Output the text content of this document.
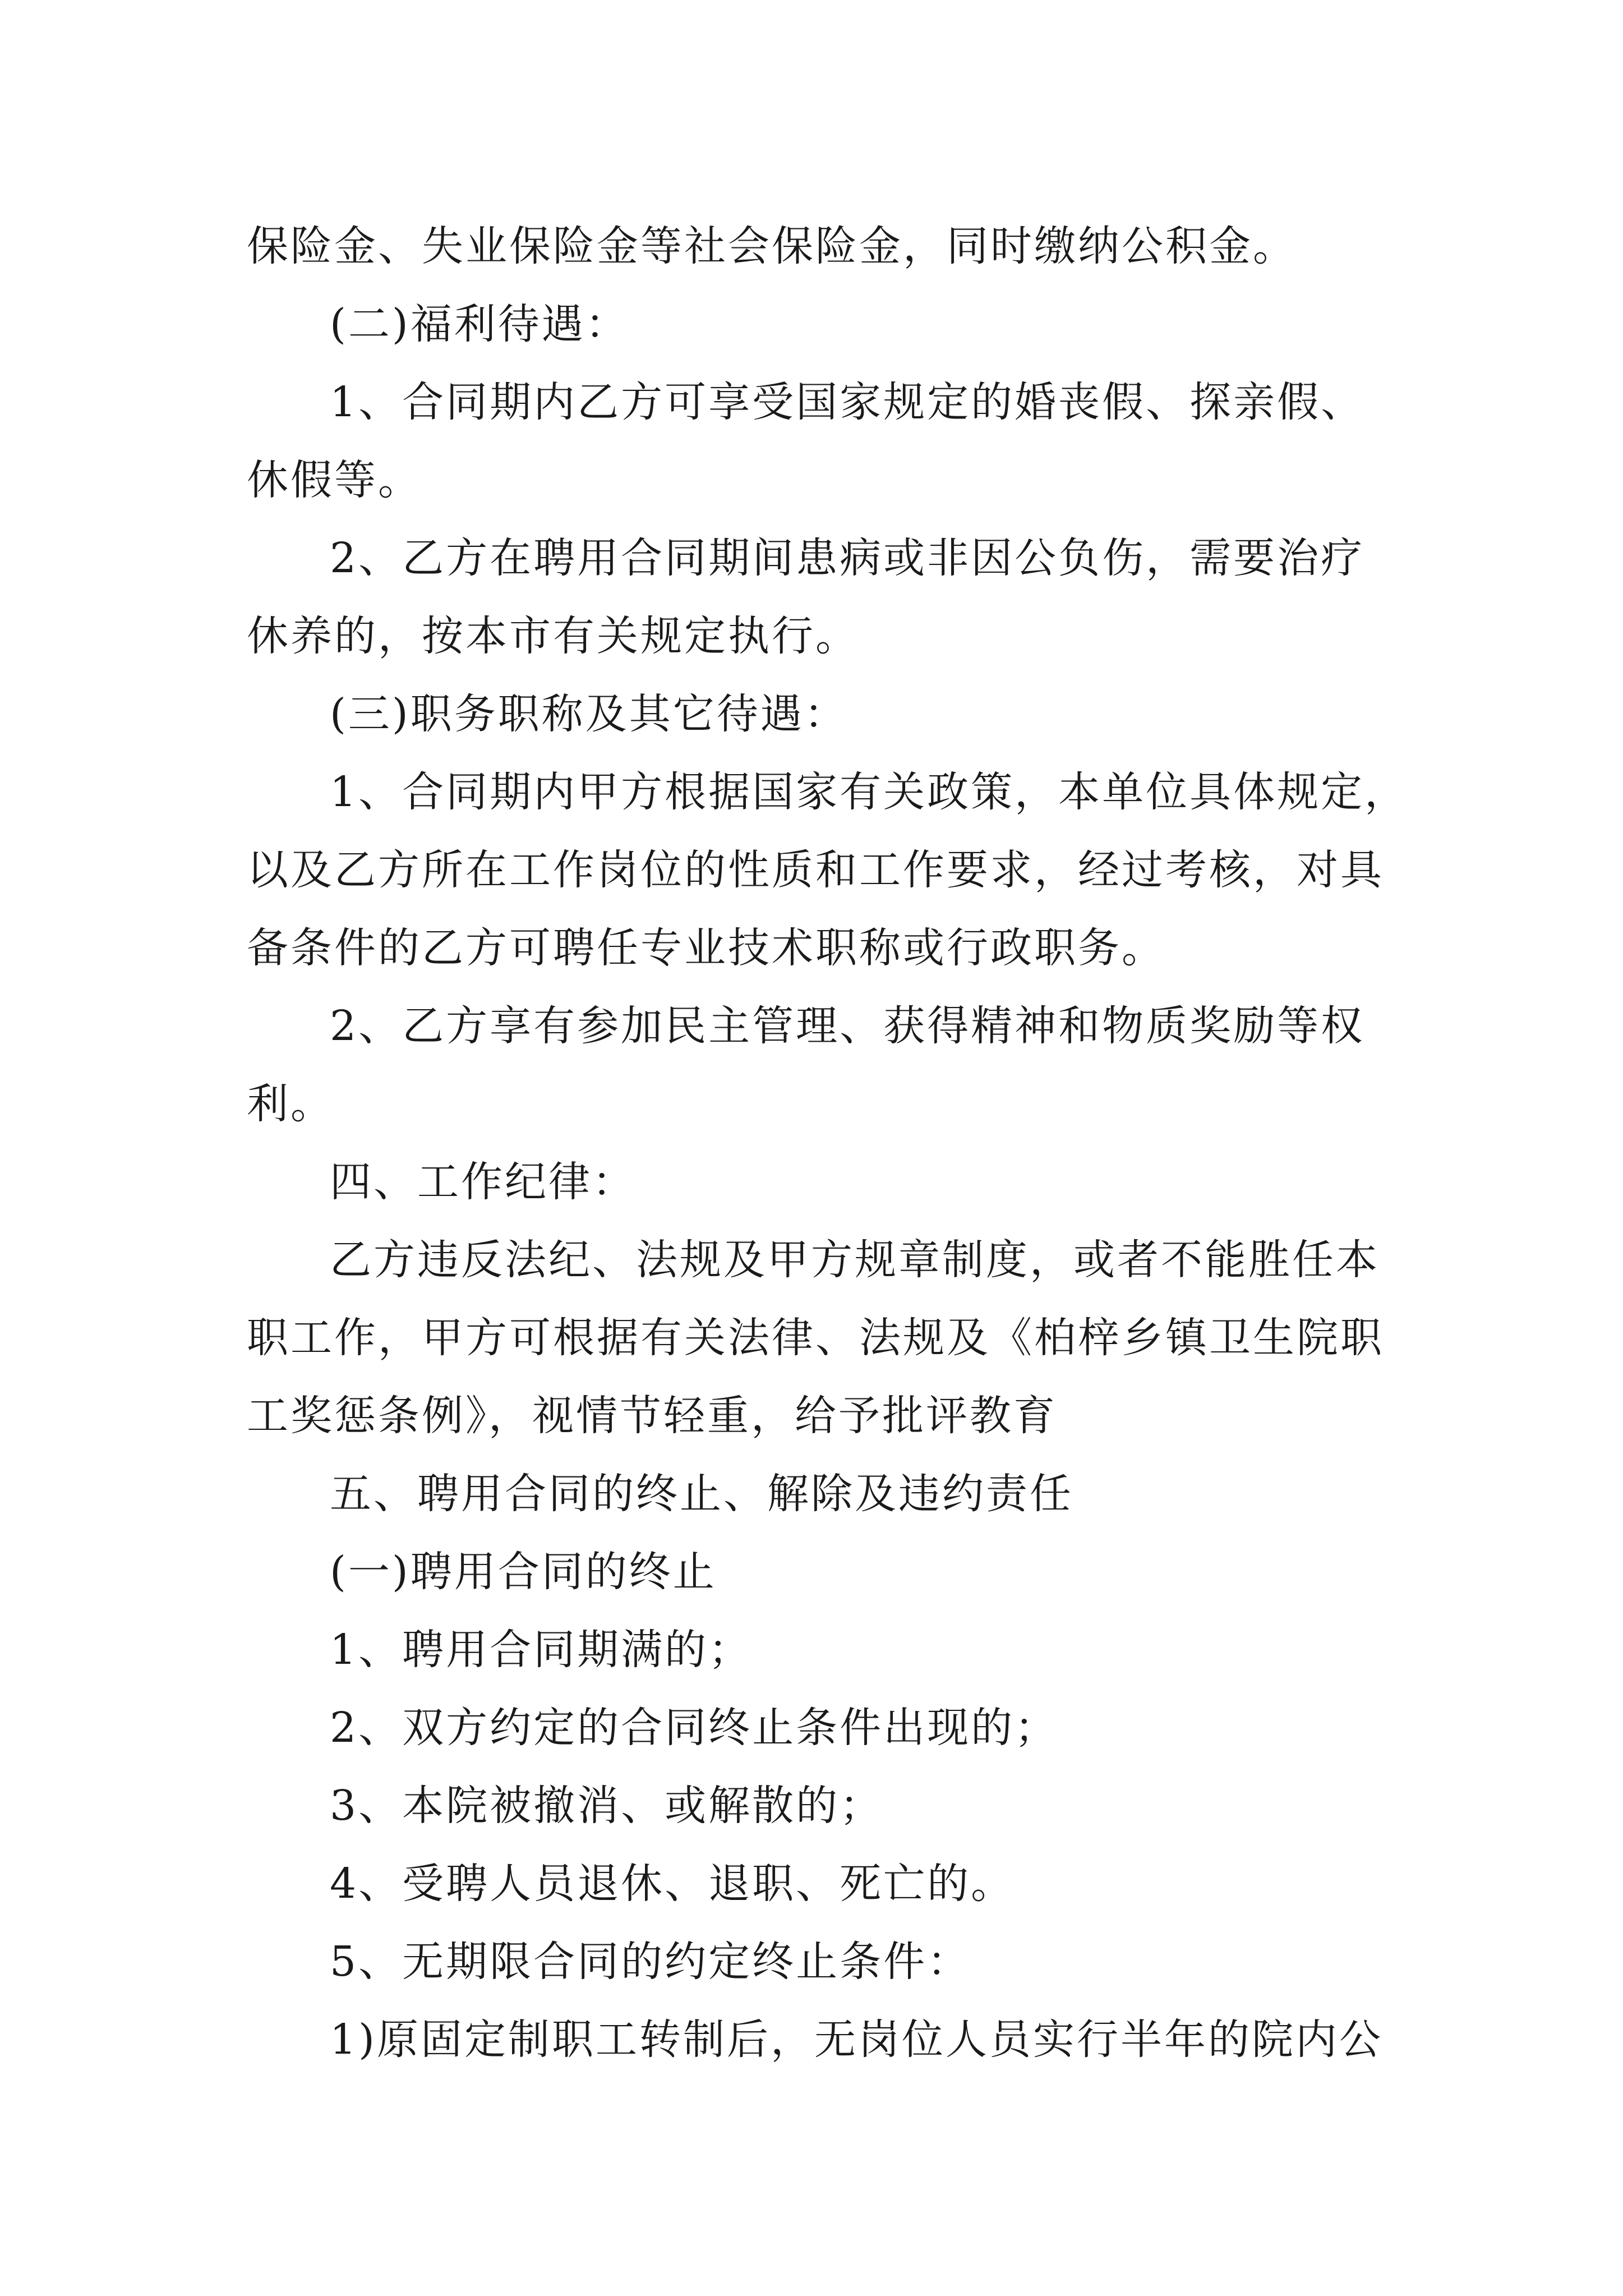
保险金、失业保险金等社会保险金，同时缴纳公积金。
(二)福利待遇：
1、合同期内乙方可享受国家规定的婚丧假、探亲假、
休假等。
2、乙方在聘用合同期间患病或非因公负伤，需要治疗
休养的，按本市有关规定执行。
(三)职务职称及其它待遇：
1、合同期内甲方根据国家有关政策，本单位具体规定，
以及乙方所在工作岗位的性质和工作要求，经过考核，对具
备条件的乙方可聘任专业技术职称或行政职务。
2、乙方享有参加民主管理、获得精神和物质奖励等权
利。
四、工作纪律：
乙方违反法纪、法规及甲方规章制度，或者不能胜任本
职工作，甲方可根据有关法律、法规及《柏梓乡镇卫生院职
工奖惩条例》，视情节轻重，给予批评教育
五、聘用合同的终止、解除及违约责任
(一)聘用合同的终止
1、聘用合同期满的；
2、双方约定的合同终止条件出现的；
3、本院被撤消、或解散的；
4、受聘人员退休、退职、死亡的。
5、无期限合同的约定终止条件：
1)原固定制职工转制后，无岗位人员实行半年的院内公
